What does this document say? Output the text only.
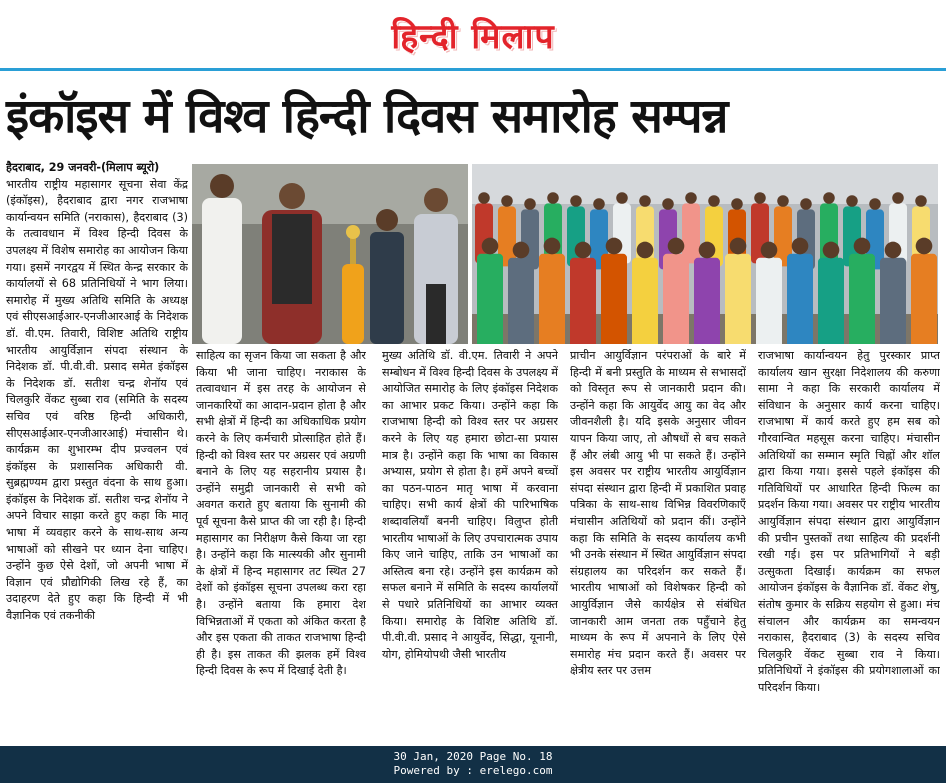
हिन्दी मिलाप
इंकॉइस में विश्व हिन्दी दिवस समारोह सम्पन्न
हैदराबाद, 29 जनवरी-(मिलाप ब्यूरो)
भारतीय राष्ट्रीय महासागर सूचना सेवा केंद्र (इंकॉइस), हैदराबाद द्वारा नगर राजभाषा कार्यान्वयन समिति (नराकास), हैदराबाद (3) के तत्वावधान में विश्व हिन्दी दिवस के उपलक्ष्य में विशेष समारोह का आयोजन किया गया। इसमें नगरद्वय में स्थित केन्द्र सरकार के कार्यालयों से 68 प्रतिनिधियों ने भाग लिया। समारोह में मुख्य अतिथि समिति के अध्यक्ष एवं सीएसआईआर-एनजीआरआई के निदेशक डॉ. वी.एम. तिवारी, विशिष्ट अतिथि राष्ट्रीय भारतीय आयुर्विज्ञान संपदा संस्थान के निदेशक डॉ. पी.वी.वी. प्रसाद समेत इंकॉइस के निदेशक डॉ. सतीश चन्द्र शेनॉय एवं चिलकुरि वेंकट सुब्बा राव (समिति के सदस्य सचिव एवं वरिष्ठ हिन्दी अधिकारी, सीएसआईआर-एनजीआरआई) मंचासीन थे। कार्यक्रम का शुभारम्भ दीप प्रज्वलन एवं इंकॉइस के प्रशासनिक अधिकारी वी. सुब्रह्मण्यम द्वारा प्रस्तुत वंदना के साथ हुआ। इंकॉइस के निदेशक डॉ. सतीश चन्द्र शेनॉय ने अपने विचार साझा करते हुए कहा कि मातृ भाषा में व्यवहार करने के साथ-साथ अन्य भाषाओं को सीखने पर ध्यान देना चाहिए। उन्होंने कुछ ऐसे देशों, जो अपनी भाषा में विज्ञान एवं प्रौद्योगिकी लिख रहे हैं, का उदाहरण देते हुए कहा कि हिन्दी में भी वैज्ञानिक एवं तकनीकी
साहित्य का सृजन किया जा सकता है और किया भी जाना चाहिए। नराकास के तत्वावधान में इस तरह के आयोजन से जानकारियों का आदान-प्रदान होता है और सभी क्षेत्रों में हिन्दी का अधिकाधिक प्रयोग करने के लिए कर्मचारी प्रोत्साहित होते हैं। हिन्दी को विश्व स्तर पर अग्रसर एवं अग्रणी बनाने के लिए यह सहरानीय प्रयास है। उन्होंने समुद्री जानकारी से सभी को अवगत कराते हुए बताया कि सुनामी की पूर्व सूचना कैसे प्राप्त की जा रही है। हिन्दी महासागर का निरीक्षण कैसे किया जा रहा है। उन्होंने कहा कि मात्स्यकी और सुनामी के क्षेत्रों में हिन्द महासागर तट स्थित 27 देशों को इंकॉइस सूचना उपलब्ध करा रहा है। उन्होंने बताया कि हमारा देश विभिन्नताओं में एकता को अंकित करता है और इस एकता की ताकत राजभाषा हिन्दी ही है। इस ताकत की झलक हमें विश्व हिन्दी दिवस के रूप में दिखाई देती है।
मुख्य अतिथि डॉ. वी.एम. तिवारी ने अपने सम्बोधन में विश्व हिन्दी दिवस के उपलक्ष्य में आयोजित समारोह के लिए इंकॉइस निदेशक का आभार प्रकट किया। उन्होंने कहा कि राजभाषा हिन्दी को विश्व स्तर पर अग्रसर करने के लिए यह हमारा छोटा-सा प्रयास मात्र है। उन्होंने कहा कि भाषा का विकास अभ्यास, प्रयोग से होता है। हमें अपने बच्चों का पठन-पाठन मातृ भाषा में करवाना चाहिए। सभी कार्य क्षेत्रों की पारिभाषिक शब्दावलियाँ बननी चाहिए। विलुप्त होती भारतीय भाषाओं के लिए उपचारात्मक उपाय किए जाने चाहिए, ताकि उन भाषाओं का अस्तित्व बना रहे। उन्होंने इस कार्यक्रम को सफल बनाने में समिति के सदस्य कार्यालयों से पधारे प्रतिनिधियों का आभार व्यक्त किया। समारोह के विशिष्ट अतिथि डॉ. पी.वी.वी. प्रसाद ने आयुर्वेद, सिद्धा, यूनानी, योग, होमियोपथी जैसी भारतीय
प्राचीन आयुर्विज्ञान परंपराओं के बारे में हिन्दी में बनी प्रस्तुति के माध्यम से सभासदों को विस्तृत रूप से जानकारी प्रदान की। उन्होंने कहा कि आयुर्वेद आयु का वेद और जीवनशैली है। यदि इसके अनुसार जीवन यापन किया जाए, तो औषधों से बच सकते हैं और लंबी आयु भी पा सकते हैं। उन्होंने इस अवसर पर राष्ट्रीय भारतीय आयुर्विज्ञान संपदा संस्थान द्वारा हिन्दी में प्रकाशित प्रवाह पत्रिका के साथ-साथ विभिन्न विवरणिकाएँ मंचासीन अतिथियों को प्रदान कीं। उन्होंने कहा कि समिति के सदस्य कार्यालय कभी भी उनके संस्थान में स्थित आयुर्विज्ञान संपदा संग्रहालय का परिदर्शन कर सकते हैं। भारतीय भाषाओं को विशेषकर हिन्दी को आयुर्विज्ञान जैसे कार्यक्षेत्र से संबंधित जानकारी आम जनता तक पहुँचाने हेतु माध्यम के रूप में अपनाने के लिए ऐसे समारोह मंच प्रदान करते हैं। अवसर पर क्षेत्रीय स्तर पर उत्तम
राजभाषा कार्यान्वयन हेतु पुरस्कार प्राप्त कार्यालय खान सुरक्षा निदेशालय की करुणा सामा ने कहा कि सरकारी कार्यालय में संविधान के अनुसार कार्य करना चाहिए। राजभाषा में कार्य करते हुए हम सब को गौरवान्वित महसूस करना चाहिए। मंचासीन अतिथियों का सम्मान स्मृति चिह्नों और शॉल द्वारा किया गया। इससे पहले इंकॉइस की गतिविधियों पर आधारित हिन्दी फिल्म का प्रदर्शन किया गया। अवसर पर राष्ट्रीय भारतीय आयुर्विज्ञान संपदा संस्थान द्वारा आयुर्विज्ञान की प्रचीन पुस्तकों तथा साहित्य की प्रदर्शनी रखी गई। इस पर प्रतिभागियों ने बड़ी उत्सुकता दिखाई। कार्यक्रम का सफल आयोजन इंकॉइस के वैज्ञानिक डॉ. वेंकट शेषु, संतोष कुमार के सक्रिय सहयोग से हुआ। मंच संचालन और कार्यक्रम का समन्वयन नराकास, हैदराबाद (3) के सदस्य सचिव चिलकुरि वेंकट सुब्बा राव ने किया। प्रतिनिधियों ने इंकॉइस की प्रयोगशालाओं का परिदर्शन किया।
30 Jan, 2020 Page No. 18
Powered by : erelego.com
